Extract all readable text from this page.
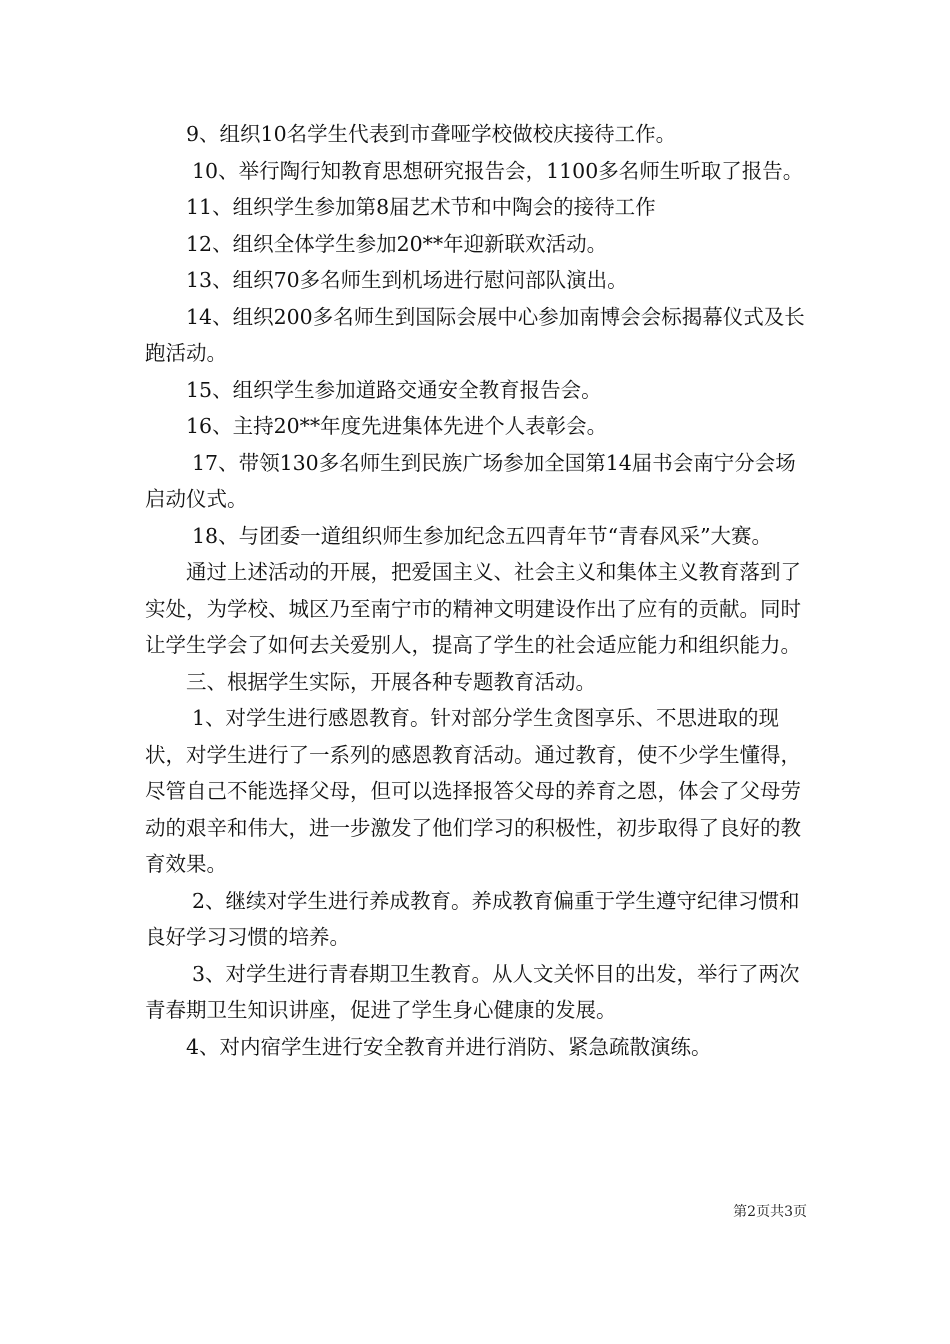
9、组织10名学生代表到市聋哑学校做校庆接待工作。

10、举行陶行知教育思想研究报告会，1100多名师生听取了报告。

11、组织学生参加第8届艺术节和中陶会的接待工作

12、组织全体学生参加20**年迎新联欢活动。

13、组织70多名师生到机场进行慰问部队演出。

14、组织200多名师生到国际会展中心参加南博会会标揭幕仪式及长跑活动。

15、组织学生参加道路交通安全教育报告会。

16、主持20**年度先进集体先进个人表彰会。

17、带领130多名师生到民族广场参加全国第14届书会南宁分会场启动仪式。

18、与团委一道组织师生参加纪念五四青年节“青春风采”大赛。

通过上述活动的开展，把爱国主义、社会主义和集体主义教育落到了实处，为学校、城区乃至南宁市的精神文明建设作出了应有的贡献。同时让学生学会了如何去关爱别人，提高了学生的社会适应能力和组织能力。

三、根据学生实际，开展各种专题教育活动。

1、对学生进行感恩教育。针对部分学生贪图享乐、不思进取的现状，对学生进行了一系列的感恩教育活动。通过教育，使不少学生懂得，尽管自己不能选择父母，但可以选择报答父母的养育之恩，体会了父母劳动的艰辛和伟大，进一步激发了他们学习的积极性，初步取得了良好的教育效果。

2、继续对学生进行养成教育。养成教育偏重于学生遵守纪律习惯和良好学习习惯的培养。

3、对学生进行青春期卫生教育。从人文关怀目的出发，举行了两次青春期卫生知识讲座，促进了学生身心健康的发展。

4、对内宿学生进行安全教育并进行消防、紧急疏散演练。

第2页共3页
